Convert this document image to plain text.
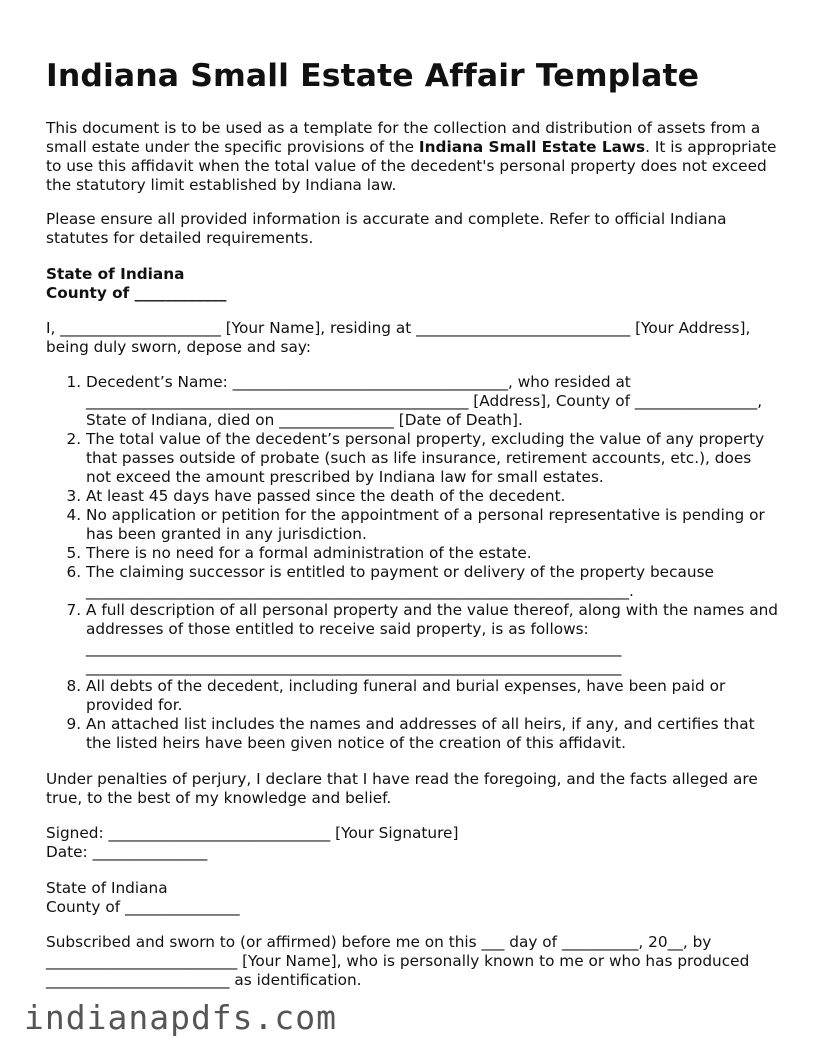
Indiana Small Estate Affair Template

This document is to be used as a template for the collection and distribution of assets from a small estate under the specific provisions of the Indiana Small Estate Laws. It is appropriate to use this affidavit when the total value of the decedent's personal property does not exceed the statutory limit established by Indiana law.

Please ensure all provided information is accurate and complete. Refer to official Indiana statutes for detailed requirements.

State of Indiana
County of ____________

I, _____________________ [Your Name], residing at ____________________________ [Your Address], being duly sworn, depose and say:

1. Decedent’s Name: ____________________________________, who resided at __________________________________________________ [Address], County of ________________, State of Indiana, died on _______________ [Date of Death].
2. The total value of the decedent’s personal property, excluding the value of any property that passes outside of probate (such as life insurance, retirement accounts, etc.), does not exceed the amount prescribed by Indiana law for small estates.
3. At least 45 days have passed since the death of the decedent.
4. No application or petition for the appointment of a personal representative is pending or has been granted in any jurisdiction.
5. There is no need for a formal administration of the estate.
6. The claiming successor is entitled to payment or delivery of the property because _______________________________________________________________________.
7. A full description of all personal property and the value thereof, along with the names and addresses of those entitled to receive said property, is as follows: ______________________________________________________________________ ______________________________________________________________________
8. All debts of the decedent, including funeral and burial expenses, have been paid or provided for.
9. An attached list includes the names and addresses of all heirs, if any, and certifies that the listed heirs have been given notice of the creation of this affidavit.

Under penalties of perjury, I declare that I have read the foregoing, and the facts alleged are true, to the best of my knowledge and belief.

Signed: _____________________________ [Your Signature]
Date: _______________
State of Indiana
County of _______________

Subscribed and sworn to (or affirmed) before me on this ___ day of __________, 20__, by _________________________ [Your Name], who is personally known to me or who has produced ________________________ as identification.

indianapdfs.com
